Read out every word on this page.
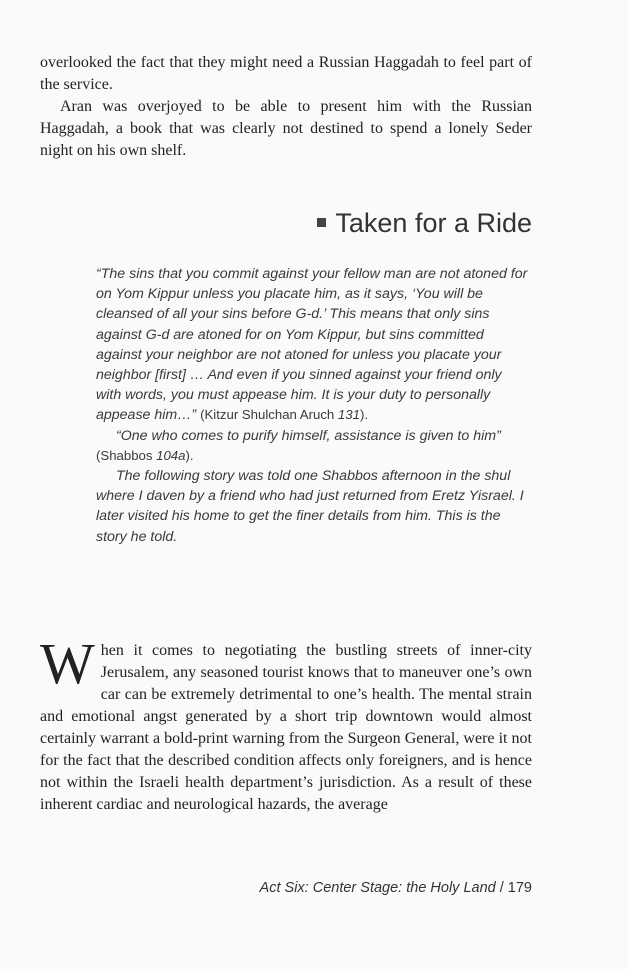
overlooked the fact that they might need a Russian Haggadah to feel part of the service.

Aran was overjoyed to be able to present him with the Russian Haggadah, a book that was clearly not destined to spend a lonely Seder night on his own shelf.

Taken for a Ride

“The sins that you commit against your fellow man are not atoned for on Yom Kippur unless you placate him, as it says, ‘You will be cleansed of all your sins before G-d.’ This means that only sins against G-d are atoned for on Yom Kippur, but sins committed against your neighbor are not atoned for unless you placate your neighbor [first] … And even if you sinned against your friend only with words, you must appease him. It is your duty to personally appease him…” (Kitzur Shulchan Aruch 131).

“One who comes to purify himself, assistance is given to him” (Shabbos 104a).

The following story was told one Shabbos afternoon in the shul where I daven by a friend who had just returned from Eretz Yisrael. I later visited his home to get the finer details from him. This is the story he told.

When it comes to negotiating the bustling streets of inner-city Jerusalem, any seasoned tourist knows that to maneuver one’s own car can be extremely detrimental to one’s health. The mental strain and emotional angst generated by a short trip downtown would almost certainly warrant a bold-print warning from the Surgeon General, were it not for the fact that the described condition affects only foreigners, and is hence not within the Israeli health department’s jurisdiction. As a result of these inherent cardiac and neurological hazards, the average

Act Six: Center Stage: the Holy Land / 179
